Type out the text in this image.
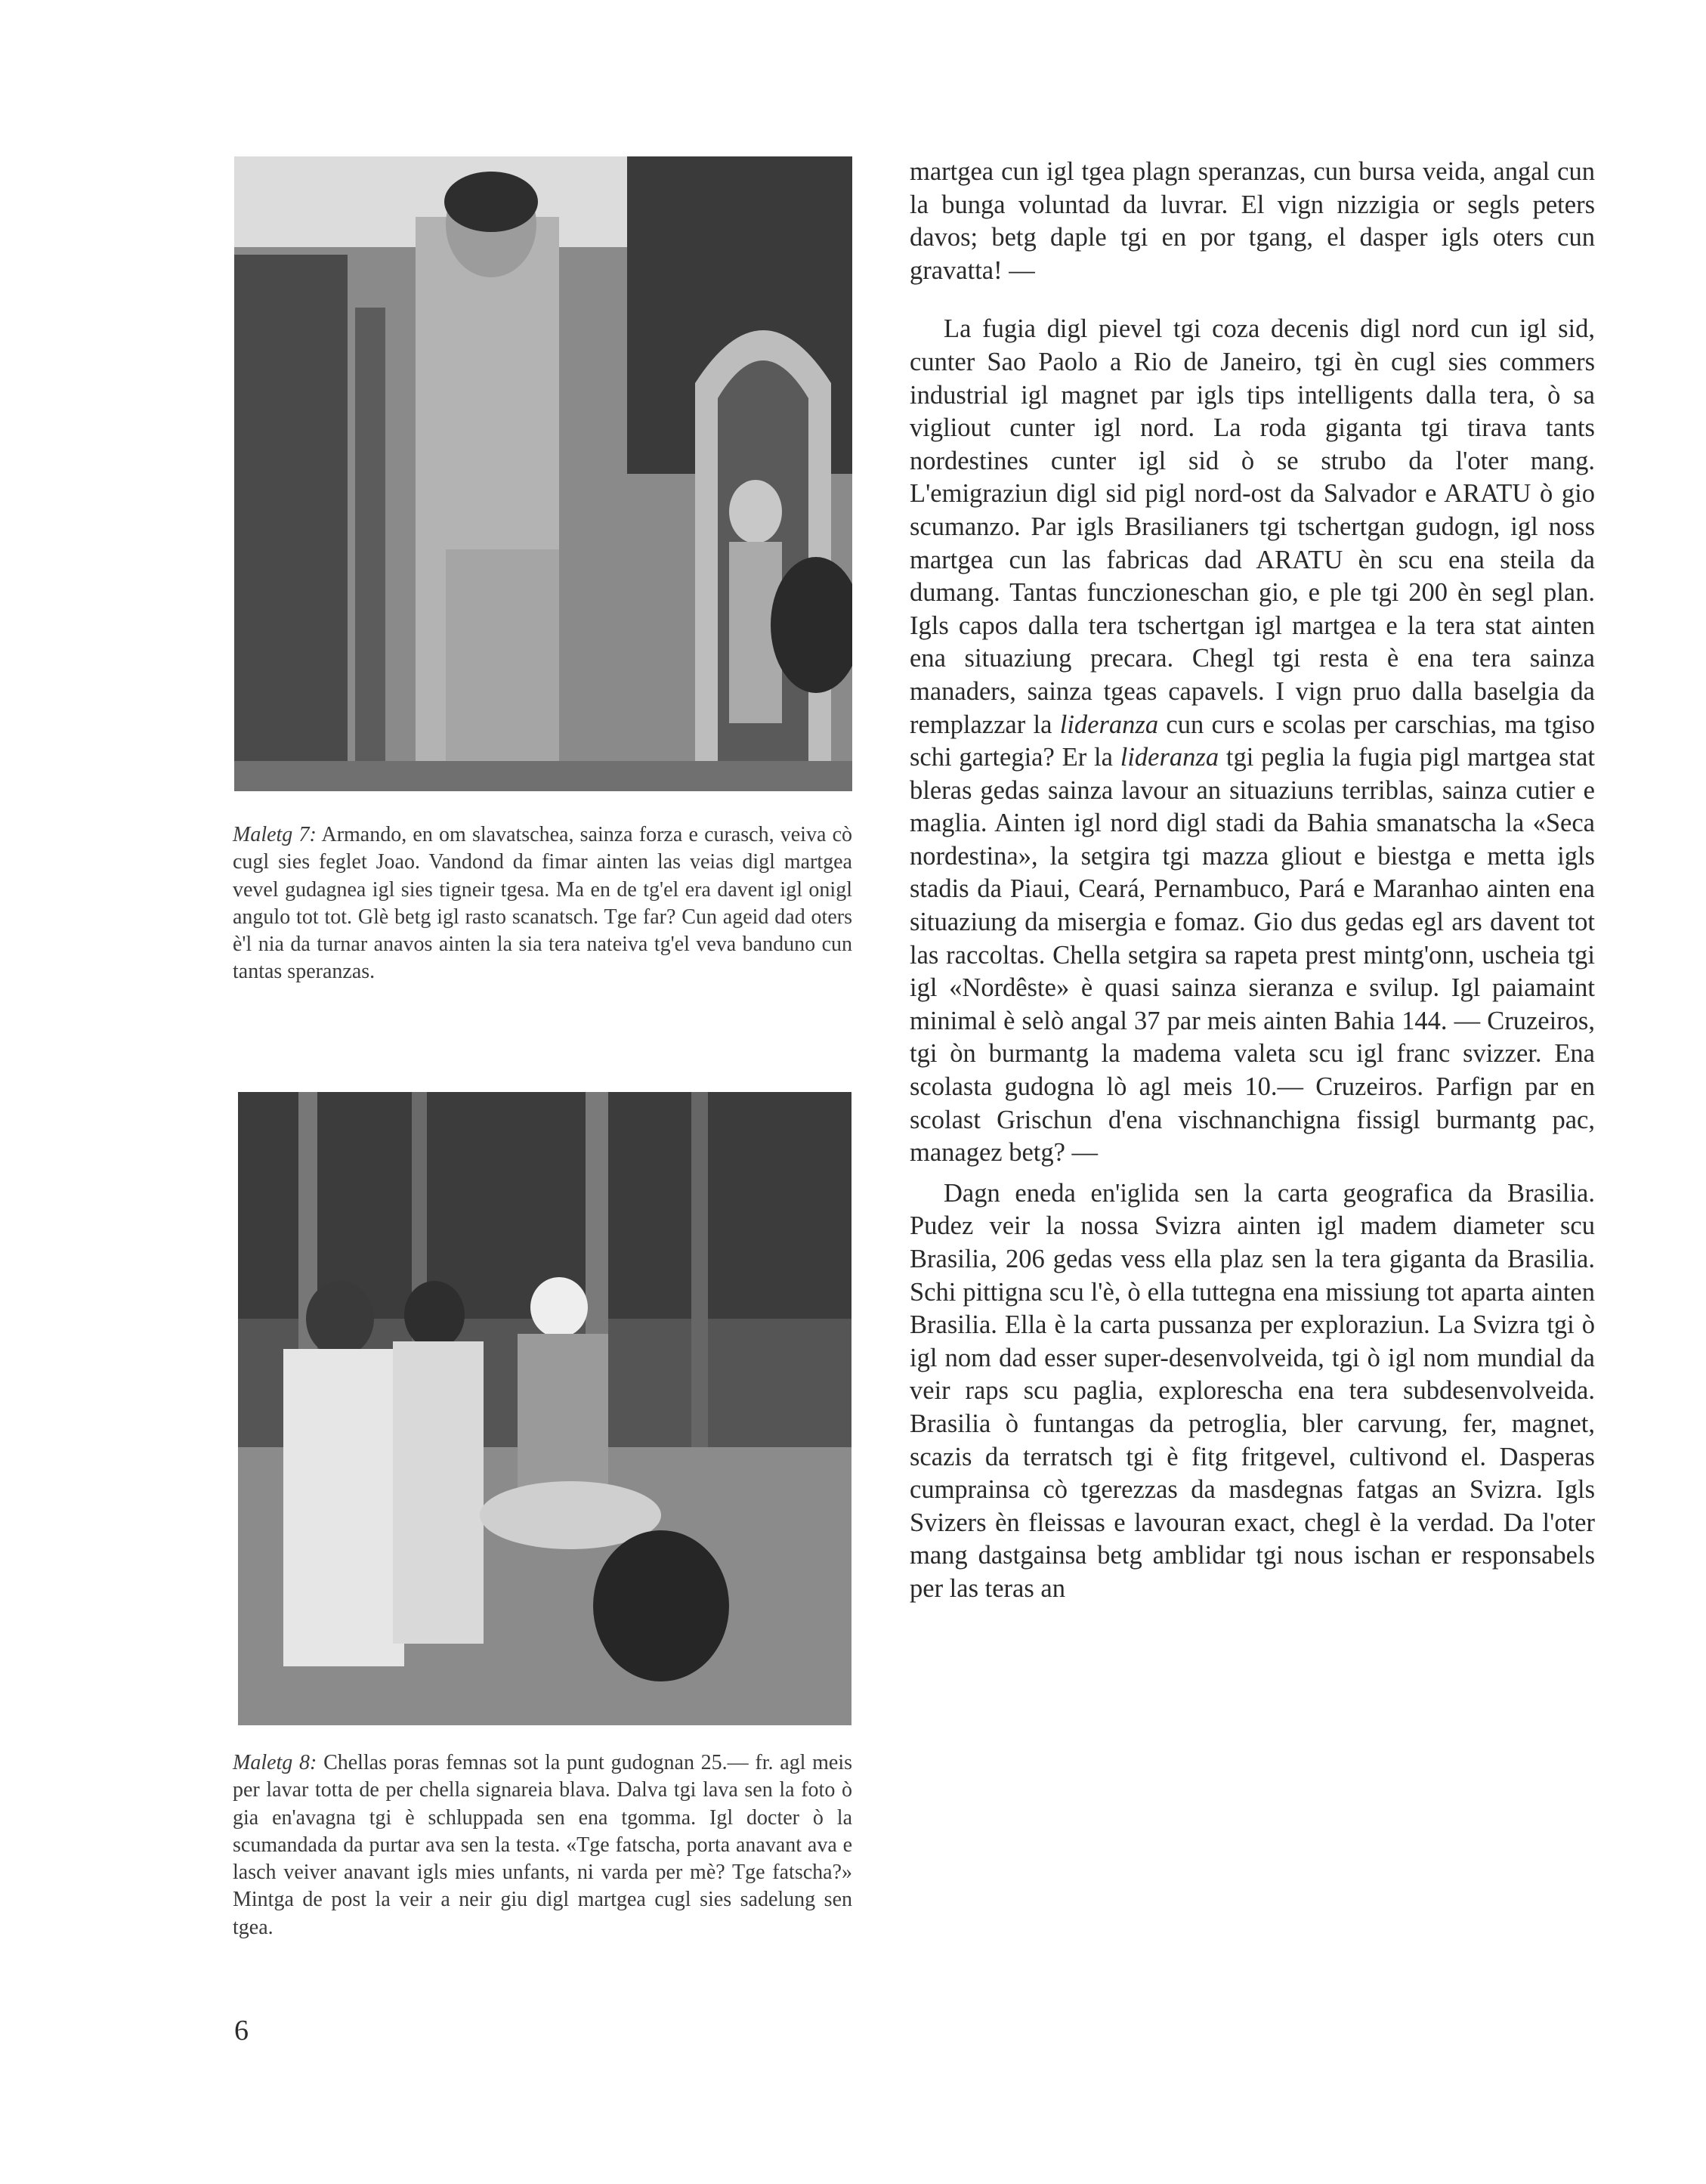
Maletg 7: Armando, en om slavatschea, sainza forza e curasch, veiva cò cugl sies feglet Joao. Vandond da fimar ainten las veias digl martgea vevel gudagnea igl sies tigneir tgesa. Ma en de tg'el era davent igl onigl angulo tot tot. Glè betg igl rasto scanatsch. Tge far? Cun ageid dad oters è'l nia da turnar anavos ainten la sia tera nateiva tg'el veva banduno cun tantas speranzas.

Maletg 8: Chellas poras femnas sot la punt gudognan 25.— fr. agl meis per lavar totta de per chella signareia blava. Dalva tgi lava sen la foto ò gia en'avagna tgi è schluppada sen ena tgomma. Igl docter ò la scumandada da purtar ava sen la testa. «Tge fatscha, porta anavant ava e lasch veiver anavant igls mies unfants, ni varda per mè? Tge fatscha?» Mintga de post la veir a neir giu digl martgea cugl sies sadelung sen tgea.

martgea cun igl tgea plagn speranzas, cun bursa veida, angal cun la bunga voluntad da luvrar. El vign nizzigia or segls peters davos; betg daple tgi en por tgang, el dasper igls oters cun gravatta! —

La fugia digl pievel tgi coza decenis digl nord cun igl sid, cunter Sao Paolo a Rio de Janeiro, tgi èn cugl sies commers industrial igl magnet par igls tips intelligents dalla tera, ò sa vigliout cunter igl nord. La roda giganta tgi tirava tants nordestines cunter igl sid ò se strubo da l'oter mang. L'emigraziun digl sid pigl nord-ost da Salvador e ARATU ò gio scumanzo. Par igls Brasilianers tgi tschertgan gudogn, igl noss martgea cun las fabricas dad ARATU èn scu ena steila da dumang. Tantas funczioneschan gio, e ple tgi 200 èn segl plan. Igls capos dalla tera tschertgan igl martgea e la tera stat ainten ena situaziung precara. Chegl tgi resta è ena tera sainza manaders, sainza tgeas capavels. I vign pruo dalla baselgia da remplazzar la lideranza cun curs e scolas per carschias, ma tgiso schi gartegia? Er la lideranza tgi peglia la fugia pigl martgea stat bleras gedas sainza lavour an situaziuns terriblas, sainza cutier e maglia. Ainten igl nord digl stadi da Bahia smanatscha la «Seca nordestina», la setgira tgi mazza gliout e biestga e metta igls stadis da Piaui, Ceará, Pernambuco, Pará e Maranhao ainten ena situaziung da misergia e fomaz. Gio dus gedas egl ars davent tot las raccoltas. Chella setgira sa rapeta prest mintg'onn, uscheia tgi igl «Nordêste» è quasi sainza sieranza e svilup. Igl paiamaint minimal è selò angal 37 par meis ainten Bahia 144. — Cruzeiros, tgi òn burmantg la madema valeta scu igl franc svizzer. Ena scolasta gudogna lò agl meis 10.— Cruzeiros. Parfign par en scolast Grischun d'ena vischnanchigna fissigl burmantg pac, managez betg? —

Dagn eneda en'iglida sen la carta geografica da Brasilia. Pudez veir la nossa Svizra ainten igl madem diameter scu Brasilia, 206 gedas vess ella plaz sen la tera giganta da Brasilia. Schi pittigna scu l'è, ò ella tuttegna ena missiung tot aparta ainten Brasilia. Ella è la carta pussanza per exploraziun. La Svizra tgi ò igl nom dad esser super-desenvolveida, tgi ò igl nom mundial da veir raps scu paglia, exploreschа ena tera subdesenvolveida. Brasilia ò funtangas da petroglia, bler carvung, fer, magnet, scazis da terratsch tgi è fitg fritgevel, cultivond el. Dasperas cumprainsa cò tgerezzas da masdegnas fatgas an Svizra. Igls Svizers èn fleissas e lavouran exact, chegl è la verdad. Da l'oter mang dastgainsa betg amblidar tgi nous ischan er responsabels per las teras an

6
